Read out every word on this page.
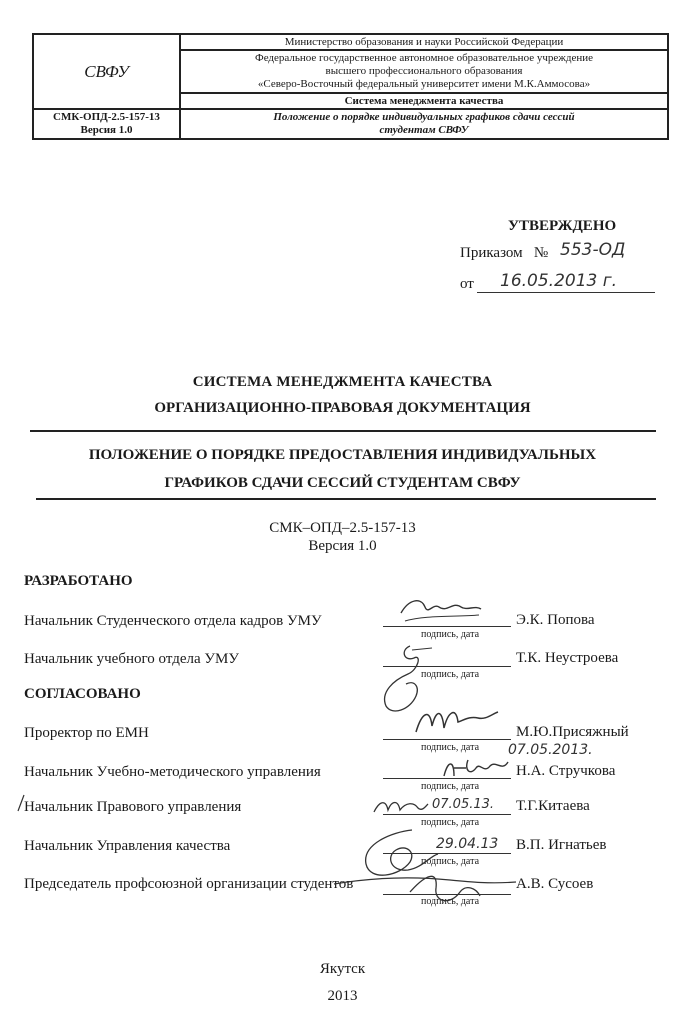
СВФУ	Министерство образования и науки Российской Федерации

	Федеральное государственное автономное образовательное учреждение
высшего профессионального образования
«Северо-Восточный федеральный университет имени М.К.Аммосова»

	Система менеджмента качества

СМК-ОПД-2.5-157-13
Версия 1.0	Положение о порядке индивидуальных графиков сдачи сессий
студентам СВФУ
УТВЕРЖДЕНО
Приказом № 553-ОД
от 16.05.2013 г.
СИСТЕМА МЕНЕДЖМЕНТА КАЧЕСТВА
ОРГАНИЗАЦИОННО-ПРАВОВАЯ ДОКУМЕНТАЦИЯ
ПОЛОЖЕНИЕ О ПОРЯДКЕ ПРЕДОСТАВЛЕНИЯ ИНДИВИДУАЛЬНЫХ
ГРАФИКОВ СДАЧИ СЕССИЙ СТУДЕНТАМ СВФУ
СМК–ОПД–2.5-157-13
Версия 1.0
РАЗРАБОТАНО
Начальник Студенческого отдела кадров УМУ
подпись, дата
Э.К. Попова
Начальник учебного отдела УМУ
подпись, дата
Т.К. Неустроева
СОГЛАСОВАНО
Проректор по ЕМН
подпись, дата
М.Ю.Присяжный
07.05.2013.
Начальник Учебно-методического управления
подпись, дата
Н.А. Стручкова
Начальник Правового управления
подпись, дата
Т.Г.Китаева
07.05.13.
Начальник Управления качества
подпись, дата
В.П. Игнатьев
29.04.13
Председатель профсоюзной организации студентов
подпись, дата
А.В. Сусоев
Якутск
2013
